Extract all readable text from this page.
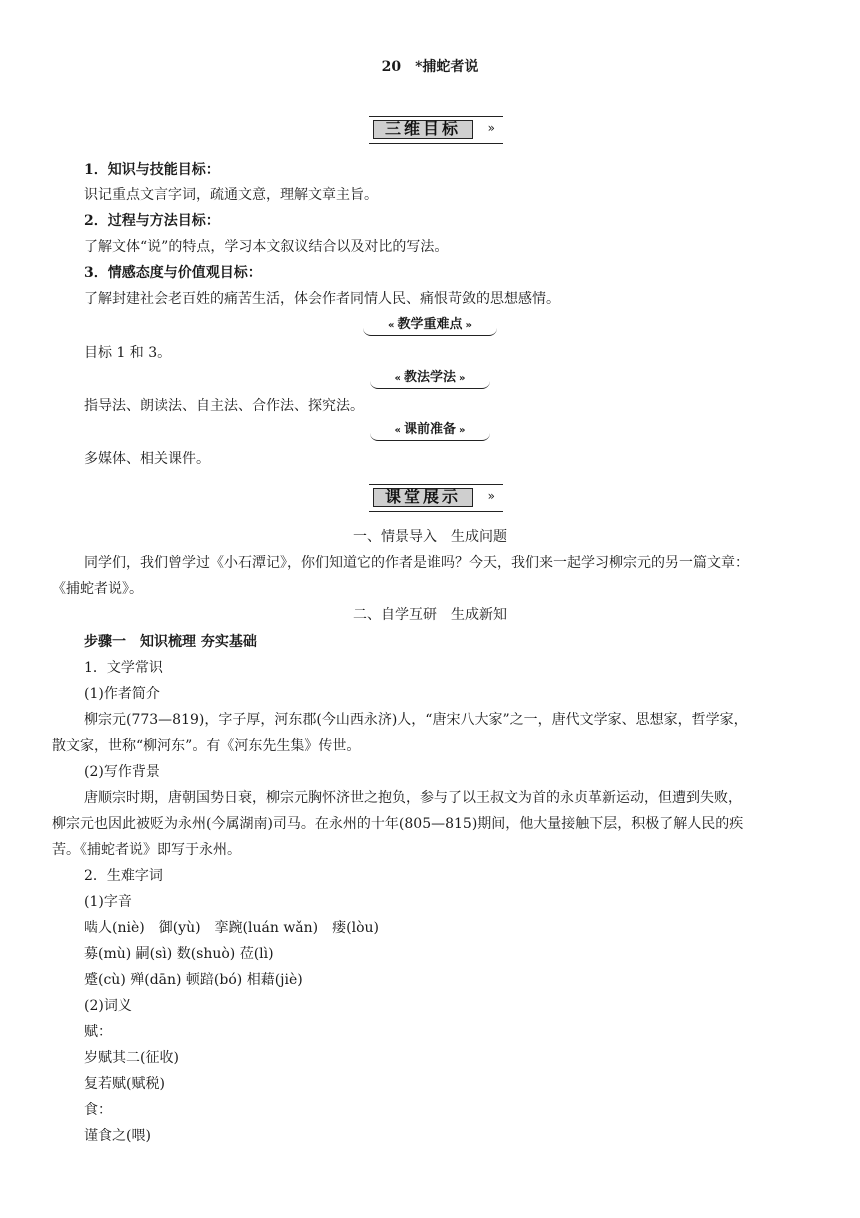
20 *捕蛇者说
三维目标	»
1．知识与技能目标：
识记重点文言字词，疏通文意，理解文章主旨。
2．过程与方法目标：
了解文体“说”的特点，学习本文叙议结合以及对比的写法。
3．情感态度与价值观目标：
了解封建社会老百姓的痛苦生活，体会作者同情人民、痛恨苛敛的思想感情。
« 教学重难点 »
目标 1 和 3。
« 教法学法 »
指导法、朗读法、自主法、合作法、探究法。
« 课前准备 »
多媒体、相关课件。
课堂展示	»
一、情景导入　生成问题
同学们，我们曾学过《小石潭记》，你们知道它的作者是谁吗？今天，我们来一起学习柳宗元的另一篇文章：
《捕蛇者说》。
二、自学互研　生成新知
步骤一　知识梳理 夯实基础
1．文学常识
(1)作者简介
柳宗元(773—819)，字子厚，河东郡(今山西永济)人，“唐宋八大家”之一，唐代文学家、思想家，哲学家，
散文家，世称“柳河东”。有《河东先生集》传世。
(2)写作背景
唐顺宗时期，唐朝国势日衰，柳宗元胸怀济世之抱负，参与了以王叔文为首的永贞革新运动，但遭到失败，
柳宗元也因此被贬为永州(今属湖南)司马。在永州的十年(805—815)期间，他大量接触下层，积极了解人民的疾
苦。《捕蛇者说》即写于永州。
2．生难字词
(1)字音
啮人(niè)　御(yù)　挛踠(luán wǎn)　瘘(lòu)
募(mù) 嗣(sì) 数(shuò) 莅(lì)
蹙(cù) 殚(dān) 顿踣(bó) 相藉(jiè)
(2)词义
赋：
岁赋其二(征收)
复若赋(赋税)
食：
谨食之(喂)
